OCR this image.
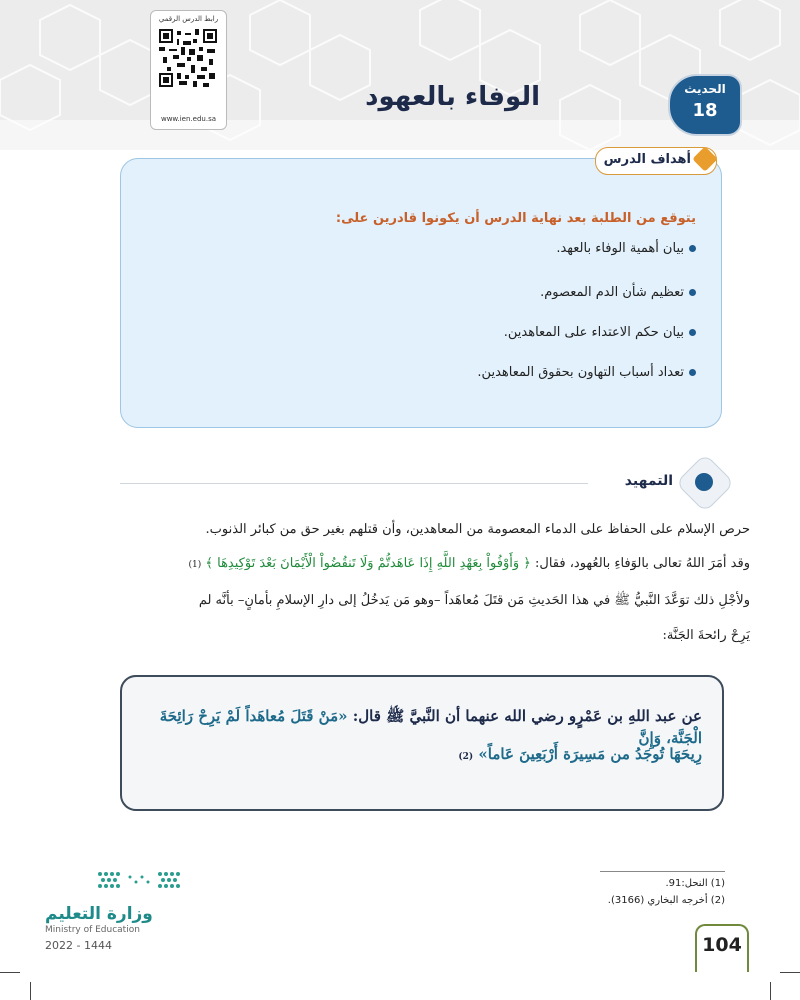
رابط الدرس الرقمي
www.ien.edu.sa
الوفاء بالعهود	الحديث
18
يتوقع من الطلبة بعد نهاية الدرس أن يكونوا قادرين على:
بيان أهمية الوفاء بالعهد.
تعظيم شأن الدم المعصوم.
بيان حكم الاعتداء على المعاهدين.
تعداد أسباب التهاون بحقوق المعاهدين.
أهداف الدرس
التمهيد
حرص الإسلام على الحفاظ على الدماء المعصومة من المعاهدين، وأن قتلهم بغير حق من كبائر الذنوب.
وقد أمَرَ اللهُ تعالى بالوَفاءِ بالعُهود، فقال: ﴿ وَأَوْفُواْ بِعَهْدِ اللَّهِ إِذَا عَاهَدتُّمْ وَلَا تَنقُضُواْ الْأَيْمَانَ بَعْدَ تَوْكِيدِهَا ﴾ (1)
ولأجْلِ ذلك توَعَّدَ النَّبيُّ ﷺ في هذا الحَديثِ مَن قتَلَ مُعاهَداً –وهو مَن يَدخُلُ إلى دارِ الإسلامِ بأمانٍ– بأنَّه لم
يَرِحْ رائحةَ الجَنَّة:
عن عبد اللهِ بن عَمْرٍو رضي الله عنهما أن النَّبيَّ ﷺ قال: «مَنْ قَتَلَ مُعاهَداً لَمْ يَرِحْ رَائِحَةَ الْجَنَّة، وَإِنَّ
رِيحَهَا تُوجَدُ من مَسِيرَة أَرْبَعِينَ عَاماً» (2)
(1) النحل:91.
(2) أخرجه البخاري (3166).
وزارة التعليم
Ministry of Education
2022 - 1444	104
